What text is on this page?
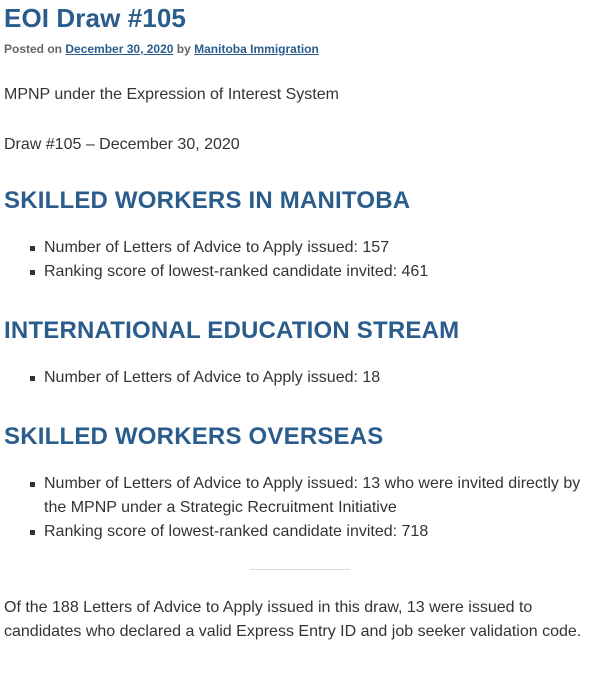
EOI Draw #105
Posted on December 30, 2020 by Manitoba Immigration

MPNP under the Expression of Interest System

Draw #105 – December 30, 2020

SKILLED WORKERS IN MANITOBA
Number of Letters of Advice to Apply issued: 157
Ranking score of lowest-ranked candidate invited: 461
INTERNATIONAL EDUCATION STREAM
Number of Letters of Advice to Apply issued: 18
SKILLED WORKERS OVERSEAS
Number of Letters of Advice to Apply issued: 13 who were invited directly by the MPNP under a Strategic Recruitment Initiative
Ranking score of lowest-ranked candidate invited: 718

Of the 188 Letters of Advice to Apply issued in this draw, 13 were issued to candidates who declared a valid Express Entry ID and job seeker validation code.
